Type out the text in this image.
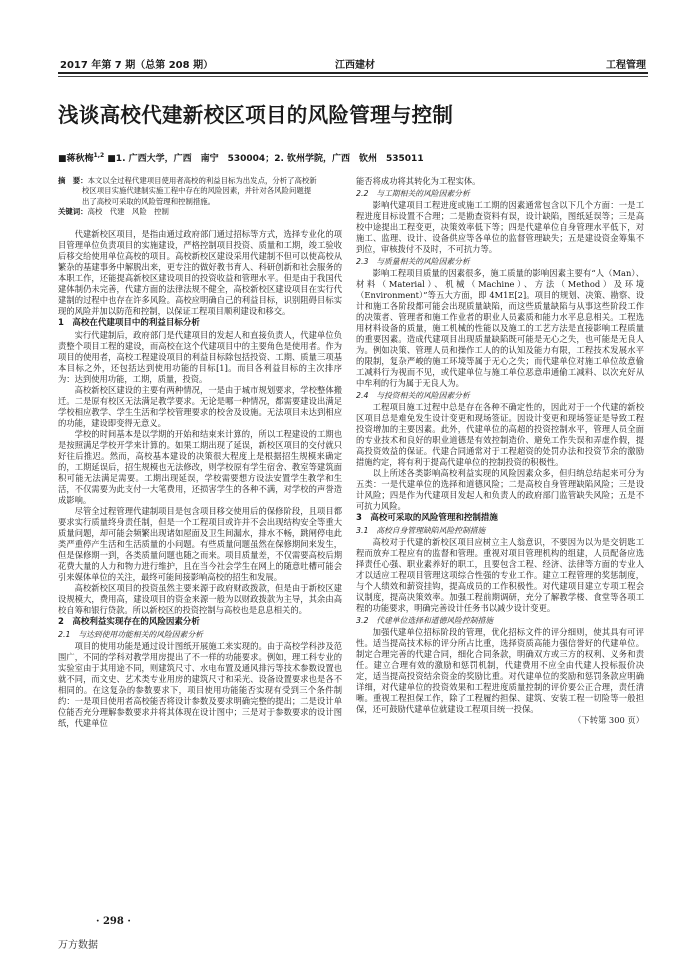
2017 年第 7 期（总第 208 期）	江西建材	工程管理
浅谈高校代建新校区项目的风险管理与控制
■蒋秋梅$^{1,2}$ ■1. 广西大学，广西　南宁　530004；2. 钦州学院，广西　钦州　535011
摘　要：本文以全过程代建项目使用者高校的利益目标为出发点，分析了高校新
校区项目实施代建制实施工程中存在的风险因素，并针对各风险问题提
出了高校可采取的风险管理和控制措施。
关键词：高校　代建　风险　控制

代建新校区项目，是指由通过政府部门通过招标等方式，选择专业化的项目管理单位负责项目的实施建设，严格控制项目投资、质量和工期，竣工验收后移交给使用单位高校的项目。高校新校区建设采用代建制不但可以使高校从繁杂的基建事务中解脱出来，更专注的做好教书育人、科研创新和社会服务的本职工作，还能提高新校区建设项目的投资收益和管理水平。但是由于我国代建体制仍未完善，代建方面的法律法规不健全，高校新校区建设项目在实行代建制的过程中也存在许多风险。高校应明确自己的利益目标，识别阻碍目标实现的风险并加以防范和控制，以保证工程项目顺利建设和移交。

1　高校在代建项目中的利益目标分析

实行代建制后，政府部门是代建项目的发起人和直接负责人，代建单位负责整个项目工程的建设，而高校在这个代建项目中的主要角色是使用者。作为项目的使用者，高校工程建设项目的利益目标除包括投资、工期、质量三项基本目标之外，还包括达到使用功能的目标[1]。而目各利益目标的主次排序为：达到使用功能，工期，质量，投资。

高校新校区建设的主要有两种情况，一是由于城市规划要求，学校整体搬迁。二是原有校区无法满足教学要求。无论是哪一种情况，都需要建设出满足学校相应教学、学生生活和学校管理要求的校舍及设施。无法项目未达到相应的功能，建设即变得无意义。

学校的时间基本是以学期的开始和结束来计算的，所以工程建设的工期也是按照满足学校开学来计算的。如果工期出现了延误，新校区项目的交付就只好往后推迟。然而，高校基本建设的决策很大程度上是根据招生规模来确定的，工期延误后，招生规模也无法修改，则学校原有学生宿舍、教室等建筑面积可能无法满足需要。工期出现延误，学校需要想方设法安置学生教学和生活，不仅需要为此支付一大笔费用，还损害学生的各种不满，对学校的声誉造成影响。

尽管全过程管理代建制项目是包含项目移交使用后的保修阶段，且项目都要求实行质量终身责任制，但是一个工程项目或许并不会出现结构安全等重大质量问题，却可能会频繁出现诸如屋面及卫生间漏水，排水不畅，跳闸停电此类严重停产生活和生活质量的小问题。有些质量问题虽然在保修期间来发生，但是保修期一到，各类质量问题也随之而来。项目质量差，不仅需要高校后期花费大量的人力和物力进行维护，且在当今社会学生在网上的随意吐槽可能会引来媒体单位的关注，最终可能间接影响高校的招生和发展。

高校新校区项目的投资虽然主要来源于政府财政拨款，但是由于新校区建设规模大，费用高，建设项目的资金来源一般为以财政拨款为主导，其余由高校自筹和银行贷款。所以新校区的投资控制与高校也是息息相关的。

2　高校利益实现存在的风险因素分析
2.1　与达到使用功能相关的风险因素分析

项目的使用功能是通过设计图纸开展施工来实现的。由于高校学科涉及范围广，不同的学科对教学用房提出了不一样的功能要求。例如，理工科专业的实验室由于其用途不同，则建筑尺寸、水电布置及通风排污等技术参数设置也就不同，而文史、艺术类专业用房的建筑尺寸和采光、设备设置要求也是各不相同的。在这复杂的参数要求下，项目使用功能能否实现有受到三个条件制约：一是项目使用者高校能否将设计参数及要求明确完整的提出；二是设计单位能否充分理解参数要求并将其体现在设计图中；三是对于参数要求的设计图纸，代建单位

能否将成功将其转化为工程实体。

2.2　与工期相关的风险因素分析

影响代建项目工程进度或施工工期的因素通常包含以下几个方面：一是工程进度目标设置不合理；二是勘查资料有误，设计缺陷，图纸延误等；三是高校中途提出工程变更，决策效率低下等；四是代建单位自身管理水平低下，对施工、监理、设计、设备供应等各单位的监督管理缺失；五是建设资金筹集不到位，审核拨付不及时，不可抗力等。

2.3　与质量相关的风险因素分析

影响工程项目质量的因素很多，施工质量的影响因素主要有“人（Man）、材料（Material）、机械（Machine）、方法（Method）及环境（Environment）”等五大方面，即 4M1E[2]。项目的规划、决策、勘察、设计和施工各阶段都可能会出现质量缺陷，而这些质量缺陷与从事这些阶段工作的决策者、管理者和施工作业者的职业人员素质和能力水平息息相关。工程选用材料设备的质量，施工机械的性能以及施工的工艺方法是直接影响工程质量的重要因素。造成代建项目出现质量缺陷既可能是无心之失，也可能是无良人为。例如决策、管理人员和操作工人的的认知及能力有限，工程技术发展水平的限制，复杂严峻的施工环境等属于无心之失；而代建单位对施工单位故意偷工减料行为视而不见，或代建单位与施工单位恶意串通偷工减料、以次充好从中牟利的行为属于无良人为。

2.4　与投资相关的风险因素分析

工程项目施工过程中总是存在各种不确定性的，因此对于一个代建的新校区项目总是难免发生设计变更和现场签证。因设计变更和现场签证是导致工程投资增加的主要因素。此外，代建单位的高超的投资控制水平，管理人员全面的专业技术和良好的职业道德是有效控制造价、避免工作失误和弄虚作假，提高投资效益的保证。代建合同通常对于工程超资的处罚办法和投资节余的激励措施约定，将有利于提高代建单位的控制投资的积极性。

以上所述各类影响高校利益实现的风险因素众多，但归纳总结起来可分为五类：一是代建单位的选择和道德风险；二是高校自身管理缺陷风险；三是设计风险；四是作为代建项目发起人和负责人的政府部门监管缺失风险；五是不可抗力风险。

3　高校可采取的风险管理和控制措施
3.1　高校自身管理缺陷风险控制措施

高校对于代建的新校区项目应树立主人翁意识，不要因为以为是交钥匙工程而放弃工程应有的监督和管理。重视对项目管理机构的组建，人员配备应选择责任心强、职业素养好的职工，且要包含工程、经济、法律等方面的专业人才以适应工程项目管理这项综合性强的专业工作。建立工程管理的奖惩制度，与个人绩效和薪资挂钩，提高成员的工作积极性。对代建项目建立专项工程会议制度，提高决策效率。加强工程前期调研，充分了解教学楼、食堂等各项工程的功能要求，明确完善设计任务书以减少设计变更。

3.2　代建单位选择和道德风险控制措施

加强代建单位招标阶段的管理，优化招标文件的评分细则，使其具有可评性。适当提高技术标的评分所占比重，选择资质高能力强信誉好的代建单位。制定合理完善的代建合同，细化合同条款，明确双方或三方的权利、义务和责任。建立合理有效的激励和惩罚机制，代建费用不应全由代建人投标报价决定，适当提高投资结余资金的奖励比重。对代建单位的奖励和惩罚条款应明确详细，对代建单位的投资效果和工程进度质量控制的评价要公正合理，责任清晰。重视工程担保工作，除了工程履约担保、建筑、安装工程一切险等一般担保，还可鼓励代建单位就建设工程项目统一投保。

（下转第 300 页）
· 298 ·
万方数据
